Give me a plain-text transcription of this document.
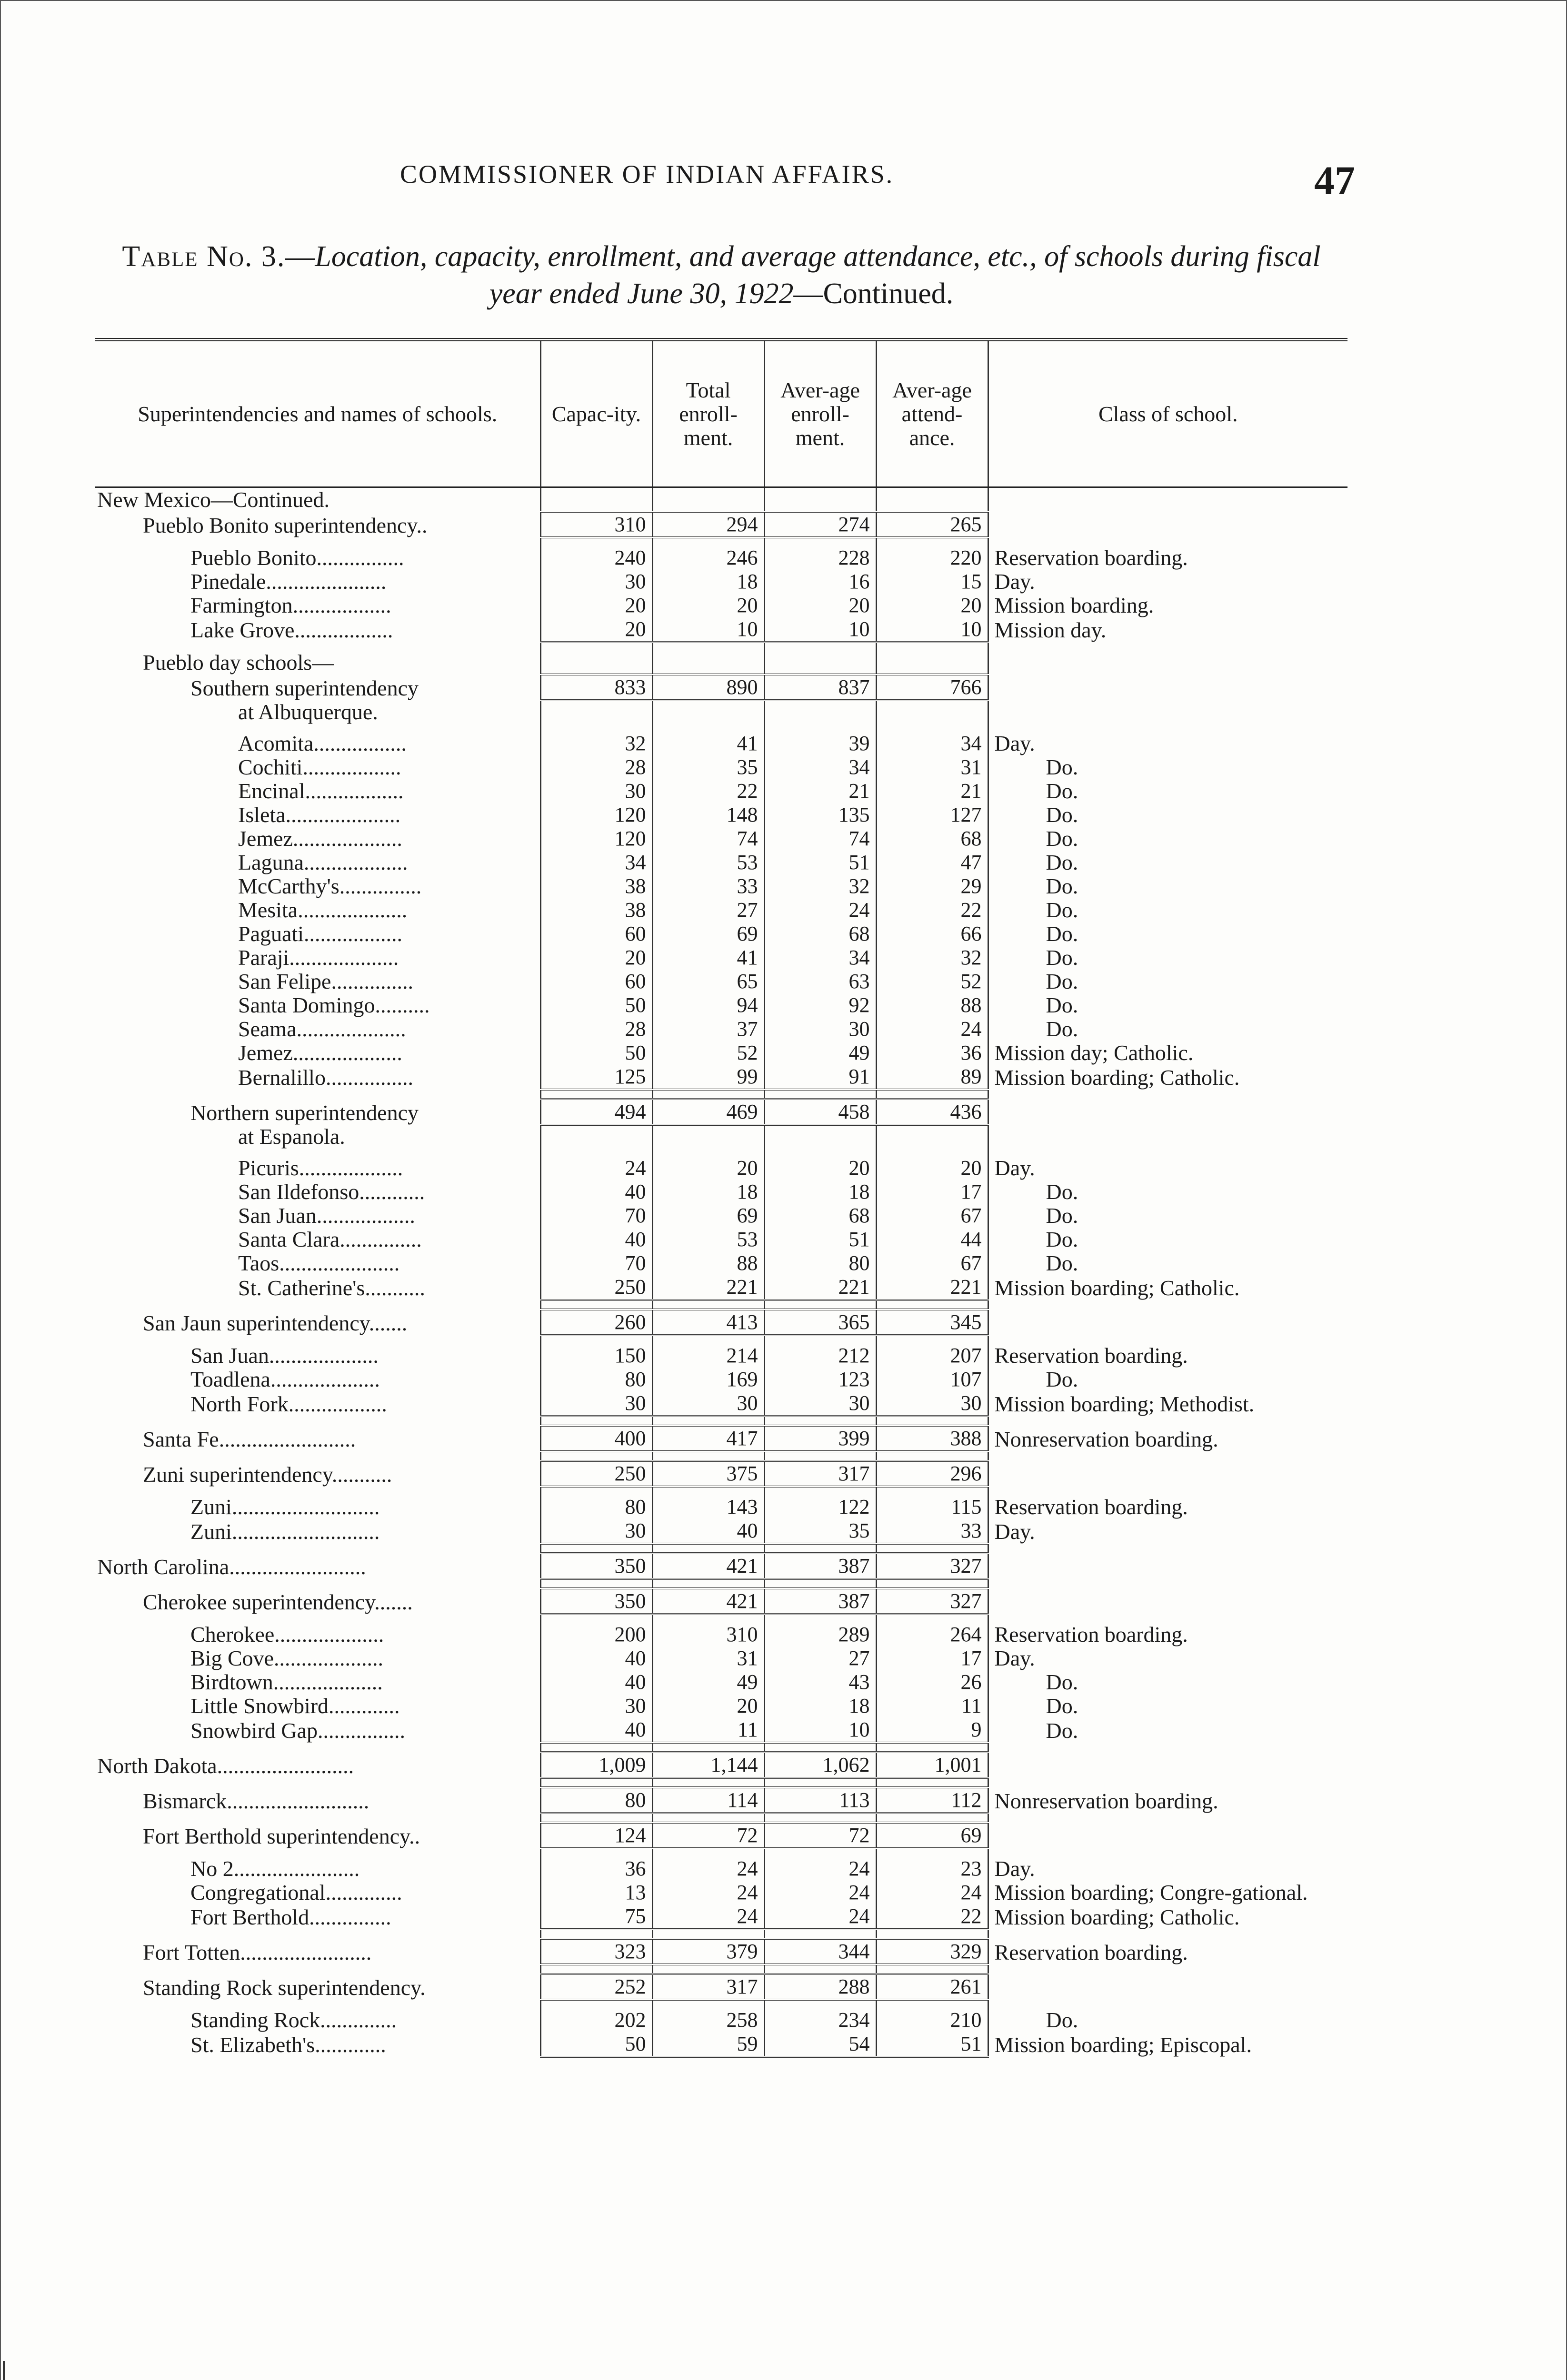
COMMISSIONER OF INDIAN AFFAIRS.	47
Table No. 3.—Location, capacity, enrollment, and average attendance, etc., of schools during fiscal year ended June 30, 1922—Continued.
Superintendencies and names of schools.	Capac-ity.	Total enroll-ment.	Aver-age enroll-ment.	Aver-age attend-ance.	Class of school.
New Mexico—Continued.					
Pueblo Bonito superintendency..	310	294	274	265	

Pueblo Bonito................	240	246	228	220	Reservation boarding.
Pinedale......................	30	18	16	15	Day.
Farmington..................	20	20	20	20	Mission boarding.
Lake Grove..................	20	10	10	10	Mission day.

Pueblo day schools—					
Southern superintendency	833	890	837	766	
at Albuquerque.					

Acomita.................	32	41	39	34	Day.
Cochiti..................	28	35	34	31	Do.
Encinal..................	30	22	21	21	Do.
Isleta.....................	120	148	135	127	Do.
Jemez....................	120	74	74	68	Do.
Laguna...................	34	53	51	47	Do.
McCarthy's...............	38	33	32	29	Do.
Mesita....................	38	27	24	22	Do.
Paguati..................	60	69	68	66	Do.
Paraji....................	20	41	34	32	Do.
San Felipe...............	60	65	63	52	Do.
Santa Domingo..........	50	94	92	88	Do.
Seama....................	28	37	30	24	Do.
Jemez....................	50	52	49	36	Mission day; Catholic.
Bernalillo................	125	99	91	89	Mission boarding; Catholic.

Northern superintendency	494	469	458	436	
at Espanola.					

Picuris...................	24	20	20	20	Day.
San Ildefonso............	40	18	18	17	Do.
San Juan..................	70	69	68	67	Do.
Santa Clara...............	40	53	51	44	Do.
Taos......................	70	88	80	67	Do.
St. Catherine's...........	250	221	221	221	Mission boarding; Catholic.

San Jaun superintendency.......	260	413	365	345	

San Juan....................	150	214	212	207	Reservation boarding.
Toadlena....................	80	169	123	107	Do.
North Fork..................	30	30	30	30	Mission boarding; Methodist.

Santa Fe.........................	400	417	399	388	Nonreservation boarding.

Zuni superintendency...........	250	375	317	296	

Zuni...........................	80	143	122	115	Reservation boarding.
Zuni...........................	30	40	35	33	Day.

North Carolina.........................	350	421	387	327	

Cherokee superintendency.......	350	421	387	327	

Cherokee....................	200	310	289	264	Reservation boarding.
Big Cove....................	40	31	27	17	Day.
Birdtown....................	40	49	43	26	Do.
Little Snowbird.............	30	20	18	11	Do.
Snowbird Gap................	40	11	10	9	Do.

North Dakota.........................	1,009	1,144	1,062	1,001	

Bismarck..........................	80	114	113	112	Nonreservation boarding.

Fort Berthold superintendency..	124	72	72	69	

No 2.......................	36	24	24	23	Day.
Congregational..............	13	24	24	24	Mission boarding; Congre-gational.
Fort Berthold...............	75	24	24	22	Mission boarding; Catholic.

Fort Totten........................	323	379	344	329	Reservation boarding.

Standing Rock superintendency.	252	317	288	261	

Standing Rock..............	202	258	234	210	Do.
St. Elizabeth's.............	50	59	54	51	Mission boarding; Episcopal.
